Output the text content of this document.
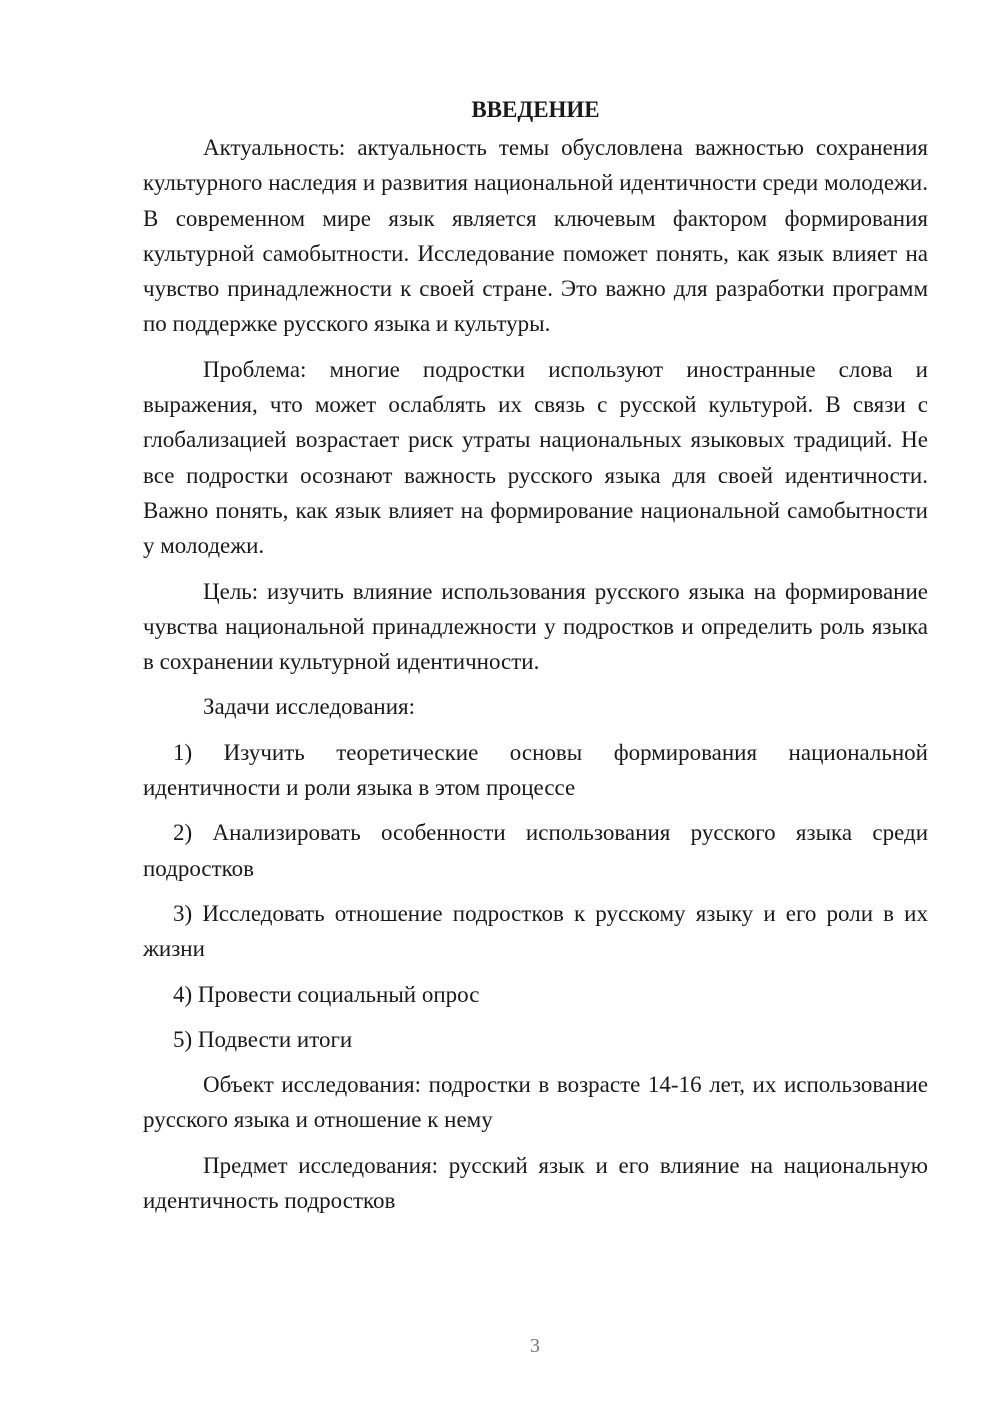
ВВЕДЕНИЕ

Актуальность: актуальность темы обусловлена важностью сохранения культурного наследия и развития национальной идентичности среди молодежи. В современном мире язык является ключевым фактором формирования культурной самобытности. Исследование поможет понять, как язык влияет на чувство принадлежности к своей стране. Это важно для разработки программ по поддержке русского языка и культуры.

Проблема: многие подростки используют иностранные слова и выражения, что может ослаблять их связь с русской культурой. В связи с глобализацией возрастает риск утраты национальных языковых традиций. Не все подростки осознают важность русского языка для своей идентичности. Важно понять, как язык влияет на формирование национальной самобытности у молодежи.

Цель: изучить влияние использования русского языка на формирование чувства национальной принадлежности у подростков и определить роль языка в сохранении культурной идентичности.

Задачи исследования:

1) Изучить теоретические основы формирования национальной идентичности и роли языка в этом процессе

2) Анализировать особенности использования русского языка среди подростков

3) Исследовать отношение подростков к русскому языку и его роли в их жизни

4) Провести социальный опрос

5) Подвести итоги

Объект исследования: подростки в возрасте 14-16 лет, их использование русского языка и отношение к нему

Предмет исследования: русский язык и его влияние на национальную идентичность подростков

3
